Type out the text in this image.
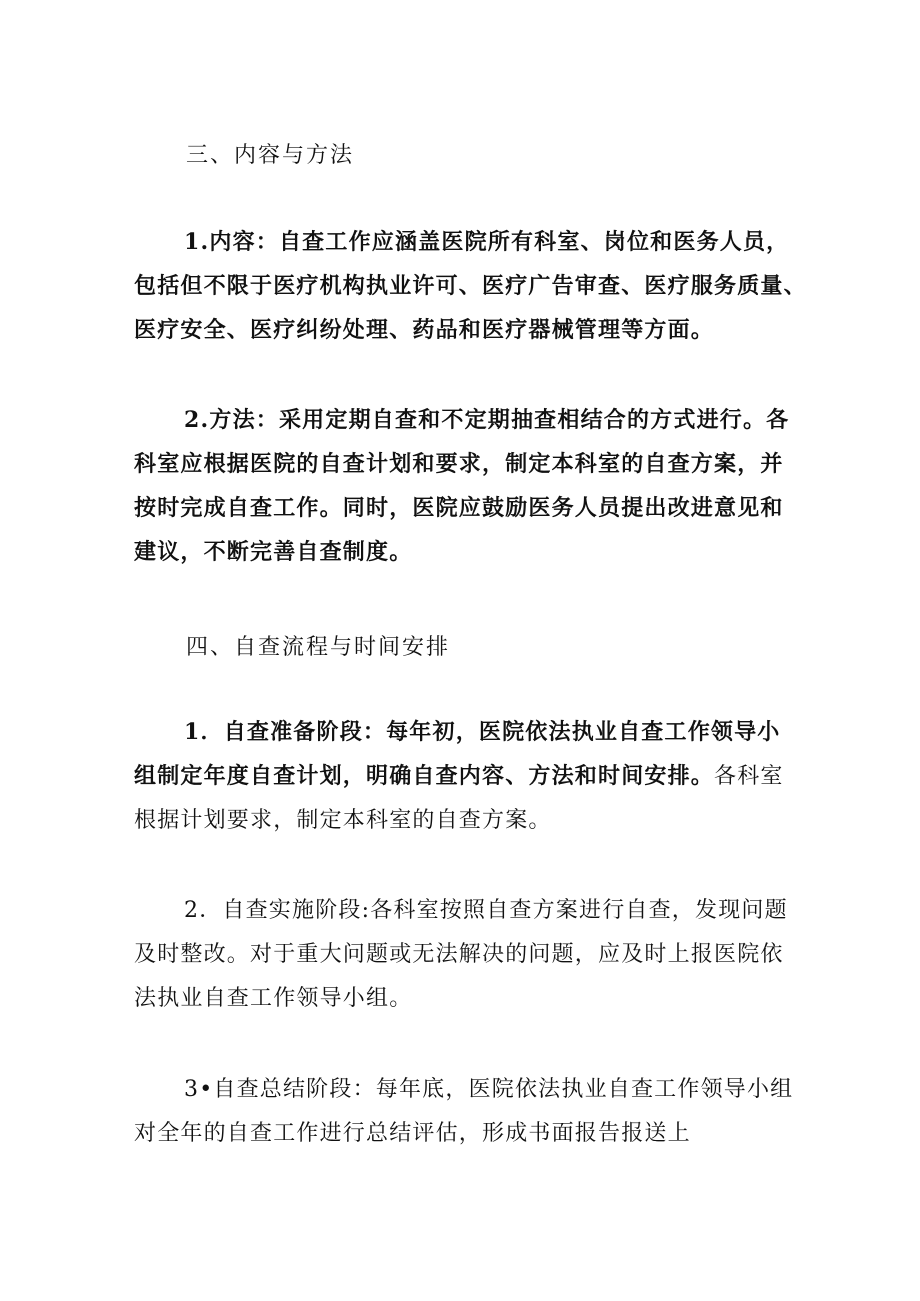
三、内容与方法
1.内容：自查工作应涵盖医院所有科室、岗位和医务人员，
包括但不限于医疗机构执业许可、医疗广告审查、医疗服务质量、
医疗安全、医疗纠纷处理、药品和医疗器械管理等方面。
2.方法：采用定期自查和不定期抽查相结合的方式进行。各
科室应根据医院的自查计划和要求，制定本科室的自查方案，并
按时完成自查工作。同时，医院应鼓励医务人员提出改进意见和
建议，不断完善自查制度。
四、自查流程与时间安排
1．自查准备阶段：每年初，医院依法执业自查工作领导小
组制定年度自查计划，明确自查内容、方法和时间安排。各科室
根据计划要求，制定本科室的自查方案。
2．自查实施阶段:各科室按照自查方案进行自查，发现问题
及时整改。对于重大问题或无法解决的问题，应及时上报医院依
法执业自查工作领导小组。
3•自查总结阶段：每年底，医院依法执业自查工作领导小组
对全年的自查工作进行总结评估，形成书面报告报送上
